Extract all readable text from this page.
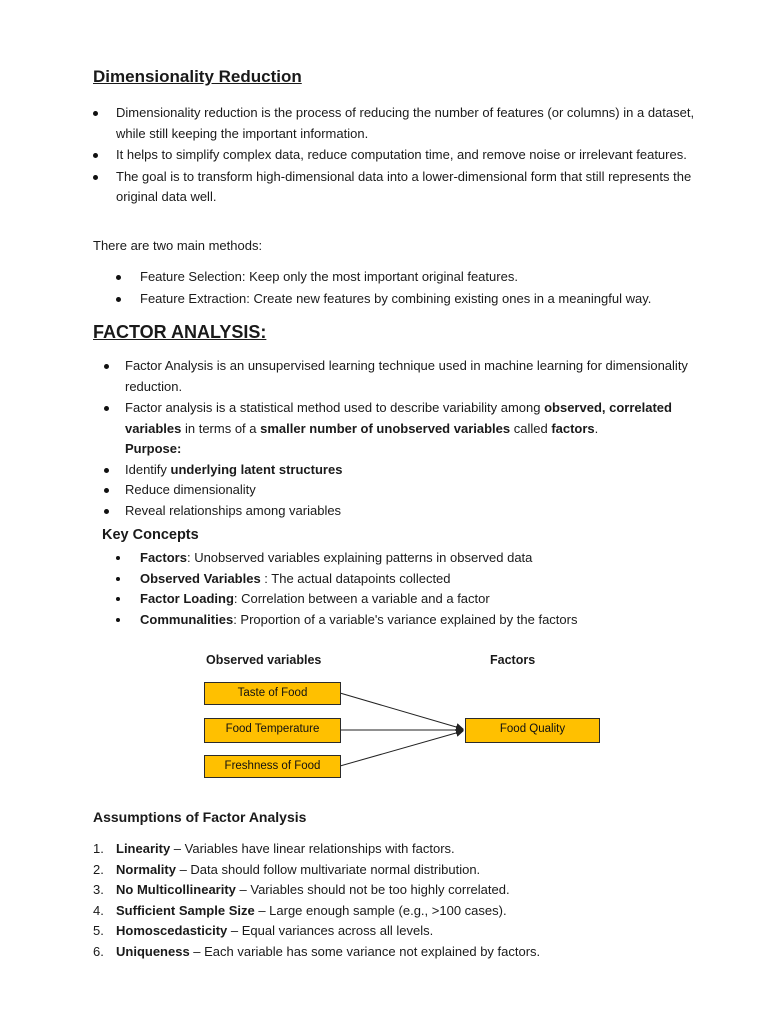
Dimensionality Reduction
Dimensionality reduction is the process of reducing the number of features (or columns) in a dataset, while still keeping the important information.
It helps to simplify complex data, reduce computation time, and remove noise or irrelevant features.
The goal is to transform high-dimensional data into a lower-dimensional form that still represents the original data well.

There are two main methods:

Feature Selection: Keep only the most important original features.
Feature Extraction: Create new features by combining existing ones in a meaningful way.
FACTOR ANALYSIS:
Factor Analysis is an unsupervised learning technique used in machine learning for dimensionality reduction.
Factor analysis is a statistical method used to describe variability among observed, correlated variables in terms of a smaller number of unobserved variables called factors.
Purpose:
Identify underlying latent structures
Reduce dimensionality
Reveal relationships among variables
Key Concepts
Factors: Unobserved variables explaining patterns in observed data
Observed Variables : The actual datapoints collected
Factor Loading: Correlation between a variable and a factor
Communalities: Proportion of a variable's variance explained by the factors
Observed variables	Factors
Taste of Food
Food Temperature
Freshness of Food
Food Quality
Assumptions of Factor Analysis
1. Linearity – Variables have linear relationships with factors.
2. Normality – Data should follow multivariate normal distribution.
3. No Multicollinearity – Variables should not be too highly correlated.
4. Sufficient Sample Size – Large enough sample (e.g., >100 cases).
5. Homoscedasticity – Equal variances across all levels.
6. Uniqueness – Each variable has some variance not explained by factors.
